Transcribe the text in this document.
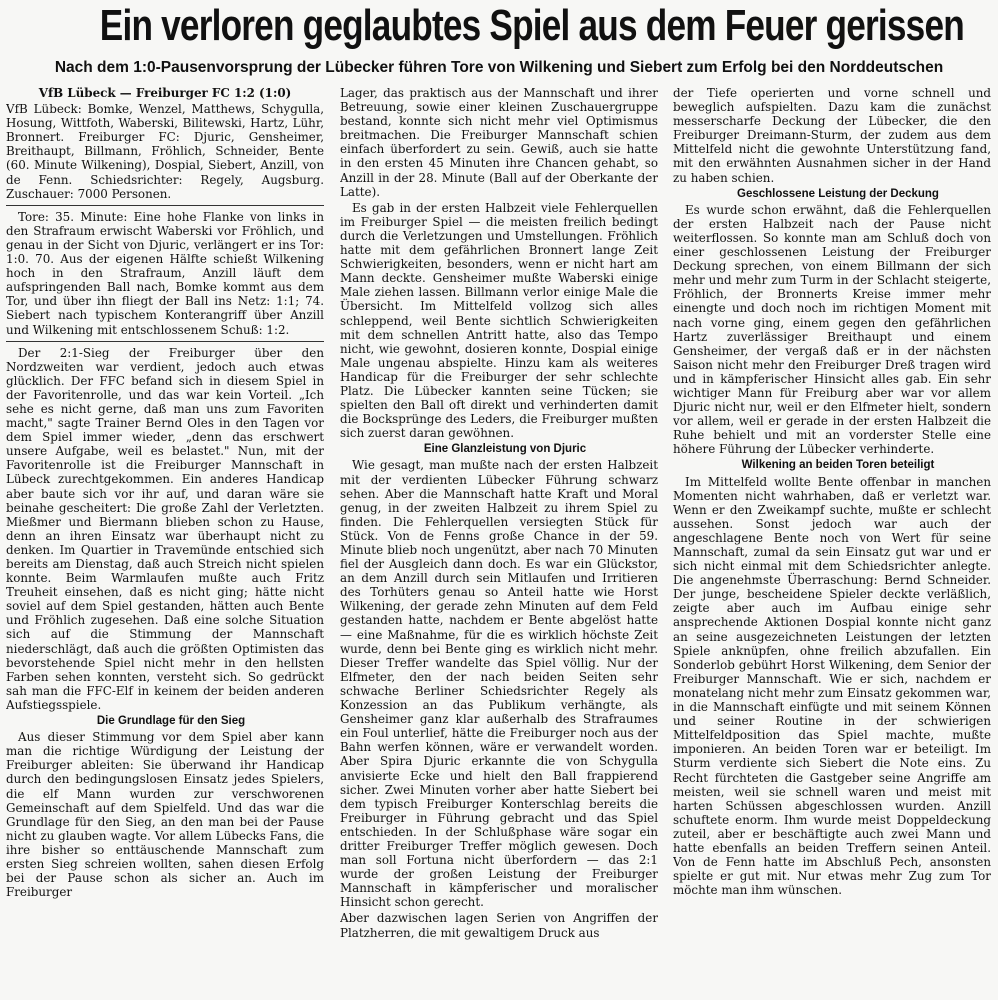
Ein verloren geglaubtes Spiel aus dem Feuer gerissen
Nach dem 1:0-Pausenvorsprung der Lübecker führen Tore von Wilkening und Siebert zum Erfolg bei den Norddeutschen

VfB Lübeck — Freiburger FC 1:2 (1:0)

VfB Lübeck: Bomke, Wenzel, Matthews, Schygulla, Hosung, Wittfoth, Waberski, Bilitewski, Hartz, Lühr, Bronnert. Freiburger FC: Djuric, Gensheimer, Breithaupt, Billmann, Fröhlich, Schneider, Bente (60. Minute Wilkening), Dospial, Siebert, Anzill, von de Fenn. Schiedsrichter: Regely, Augsburg. Zuschauer: 7000 Personen.

Tore: 35. Minute: Eine hohe Flanke von links in den Strafraum erwischt Waberski vor Fröhlich, und genau in der Sicht von Djuric, verlängert er ins Tor: 1:0. 70. Aus der eigenen Hälfte schießt Wilkening hoch in den Strafraum, Anzill läuft dem aufspringenden Ball nach, Bomke kommt aus dem Tor, und über ihn fliegt der Ball ins Netz: 1:1; 74. Siebert nach typischem Konterangriff über Anzill und Wilkening mit entschlossenem Schuß: 1:2.

Der 2:1-Sieg der Freiburger über den Nordzweiten war verdient, jedoch auch etwas glücklich. Der FFC befand sich in diesem Spiel in der Favoritenrolle, und das war kein Vorteil. „Ich sehe es nicht gerne, daß man uns zum Favoriten macht," sagte Trainer Bernd Oles in den Tagen vor dem Spiel immer wieder, „denn das erschwert unsere Aufgabe, weil es belastet." Nun, mit der Favoritenrolle ist die Freiburger Mannschaft in Lübeck zurechtgekommen. Ein anderes Handicap aber baute sich vor ihr auf, und daran wäre sie beinahe gescheitert: Die große Zahl der Verletzten. Mießmer und Biermann blieben schon zu Hause, denn an ihren Einsatz war überhaupt nicht zu denken. Im Quartier in Travemünde entschied sich bereits am Dienstag, daß auch Streich nicht spielen konnte. Beim Warmlaufen mußte auch Fritz Treuheit einsehen, daß es nicht ging; hätte nicht soviel auf dem Spiel gestanden, hätten auch Bente und Fröhlich zugesehen. Daß eine solche Situation sich auf die Stimmung der Mannschaft niederschlägt, daß auch die größten Optimisten das bevorstehende Spiel nicht mehr in den hellsten Farben sehen konnten, versteht sich. So gedrückt sah man die FFC-Elf in keinem der beiden anderen Aufstiegsspiele.

Die Grundlage für den Sieg

Aus dieser Stimmung vor dem Spiel aber kann man die richtige Würdigung der Leistung der Freiburger ableiten: Sie überwand ihr Handicap durch den bedingungslosen Einsatz jedes Spielers, die elf Mann wurden zur verschworenen Gemeinschaft auf dem Spielfeld. Und das war die Grundlage für den Sieg, an den man bei der Pause nicht zu glauben wagte. Vor allem Lübecks Fans, die ihre bisher so enttäuschende Mannschaft zum ersten Sieg schreien wollten, sahen diesen Erfolg bei der Pause schon als sicher an. Auch im Freiburger

Lager, das praktisch aus der Mannschaft und ihrer Betreuung, sowie einer kleinen Zuschauergruppe bestand, konnte sich nicht mehr viel Optimismus breitmachen. Die Freiburger Mannschaft schien einfach überfordert zu sein. Gewiß, auch sie hatte in den ersten 45 Minuten ihre Chancen gehabt, so Anzill in der 28. Minute (Ball auf der Oberkante der Latte).

Es gab in der ersten Halbzeit viele Fehlerquellen im Freiburger Spiel — die meisten freilich bedingt durch die Verletzungen und Umstellungen. Fröhlich hatte mit dem gefährlichen Bronnert lange Zeit Schwierigkeiten, besonders, wenn er nicht hart am Mann deckte. Gensheimer mußte Waberski einige Male ziehen lassen. Billmann verlor einige Male die Übersicht. Im Mittelfeld vollzog sich alles schleppend, weil Bente sichtlich Schwierigkeiten mit dem schnellen Antritt hatte, also das Tempo nicht, wie gewohnt, dosieren konnte, Dospial einige Male ungenau abspielte. Hinzu kam als weiteres Handicap für die Freiburger der sehr schlechte Platz. Die Lübecker kannten seine Tücken; sie spielten den Ball oft direkt und verhinderten damit die Bocksprünge des Leders, die Freiburger mußten sich zuerst daran gewöhnen.

Eine Glanzleistung von Djuric

Wie gesagt, man mußte nach der ersten Halbzeit mit der verdienten Lübecker Führung schwarz sehen. Aber die Mannschaft hatte Kraft und Moral genug, in der zweiten Halbzeit zu ihrem Spiel zu finden. Die Fehlerquellen versiegten Stück für Stück. Von de Fenns große Chance in der 59. Minute blieb noch ungenützt, aber nach 70 Minuten fiel der Ausgleich dann doch. Es war ein Glückstor, an dem Anzill durch sein Mitlaufen und Irritieren des Torhüters genau so Anteil hatte wie Horst Wilkening, der gerade zehn Minuten auf dem Feld gestanden hatte, nachdem er Bente abgelöst hatte — eine Maßnahme, für die es wirklich höchste Zeit wurde, denn bei Bente ging es wirklich nicht mehr. Dieser Treffer wandelte das Spiel völlig. Nur der Elfmeter, den der nach beiden Seiten sehr schwache Berliner Schiedsrichter Regely als Konzession an das Publikum verhängte, als Gensheimer ganz klar außerhalb des Strafraumes ein Foul unterlief, hätte die Freiburger noch aus der Bahn werfen können, wäre er verwandelt worden. Aber Spira Djuric erkannte die von Schygulla anvisierte Ecke und hielt den Ball frappierend sicher. Zwei Minuten vorher aber hatte Siebert bei dem typisch Freiburger Konterschlag bereits die Freiburger in Führung gebracht und das Spiel entschieden. In der Schlußphase wäre sogar ein dritter Freiburger Treffer möglich gewesen. Doch man soll Fortuna nicht überfordern — das 2:1 wurde der großen Leistung der Freiburger Mannschaft in kämpferischer und moralischer Hinsicht schon gerecht.

Aber dazwischen lagen Serien von Angriffen der Platzherren, die mit gewaltigem Druck aus

der Tiefe operierten und vorne schnell und beweglich aufspielten. Dazu kam die zunächst messerscharfe Deckung der Lübecker, die den Freiburger Dreimann-Sturm, der zudem aus dem Mittelfeld nicht die gewohnte Unterstützung fand, mit den erwähnten Ausnahmen sicher in der Hand zu haben schien.

Geschlossene Leistung der Deckung

Es wurde schon erwähnt, daß die Fehlerquellen der ersten Halbzeit nach der Pause nicht weiterflossen. So konnte man am Schluß doch von einer geschlossenen Leistung der Freiburger Deckung sprechen, von einem Billmann der sich mehr und mehr zum Turm in der Schlacht steigerte, Fröhlich, der Bronnerts Kreise immer mehr einengte und doch noch im richtigen Moment mit nach vorne ging, einem gegen den gefährlichen Hartz zuverlässiger Breithaupt und einem Gensheimer, der vergaß daß er in der nächsten Saison nicht mehr den Freiburger Dreß tragen wird und in kämpferischer Hinsicht alles gab. Ein sehr wichtiger Mann für Freiburg aber war vor allem Djuric nicht nur, weil er den Elfmeter hielt, sondern vor allem, weil er gerade in der ersten Halbzeit die Ruhe behielt und mit an vorderster Stelle eine höhere Führung der Lübecker verhinderte.

Wilkening an beiden Toren beteiligt

Im Mittelfeld wollte Bente offenbar in manchen Momenten nicht wahrhaben, daß er verletzt war. Wenn er den Zweikampf suchte, mußte er schlecht aussehen. Sonst jedoch war auch der angeschlagene Bente noch von Wert für seine Mannschaft, zumal da sein Einsatz gut war und er sich nicht einmal mit dem Schiedsrichter anlegte. Die angenehmste Überraschung: Bernd Schneider. Der junge, bescheidene Spieler deckte verläßlich, zeigte aber auch im Aufbau einige sehr ansprechende Aktionen Dospial konnte nicht ganz an seine ausgezeichneten Leistungen der letzten Spiele anknüpfen, ohne freilich abzufallen. Ein Sonderlob gebührt Horst Wilkening, dem Senior der Freiburger Mannschaft. Wie er sich, nachdem er monatelang nicht mehr zum Einsatz gekommen war, in die Mannschaft einfügte und mit seinem Können und seiner Routine in der schwierigen Mittelfeldposition das Spiel machte, mußte imponieren. An beiden Toren war er beteiligt. Im Sturm verdiente sich Siebert die Note eins. Zu Recht fürchteten die Gastgeber seine Angriffe am meisten, weil sie schnell waren und meist mit harten Schüssen abgeschlossen wurden. Anzill schuftete enorm. Ihm wurde meist Doppeldeckung zuteil, aber er beschäftigte auch zwei Mann und hatte ebenfalls an beiden Treffern seinen Anteil. Von de Fenn hatte im Abschluß Pech, ansonsten spielte er gut mit. Nur etwas mehr Zug zum Tor möchte man ihm wünschen.
